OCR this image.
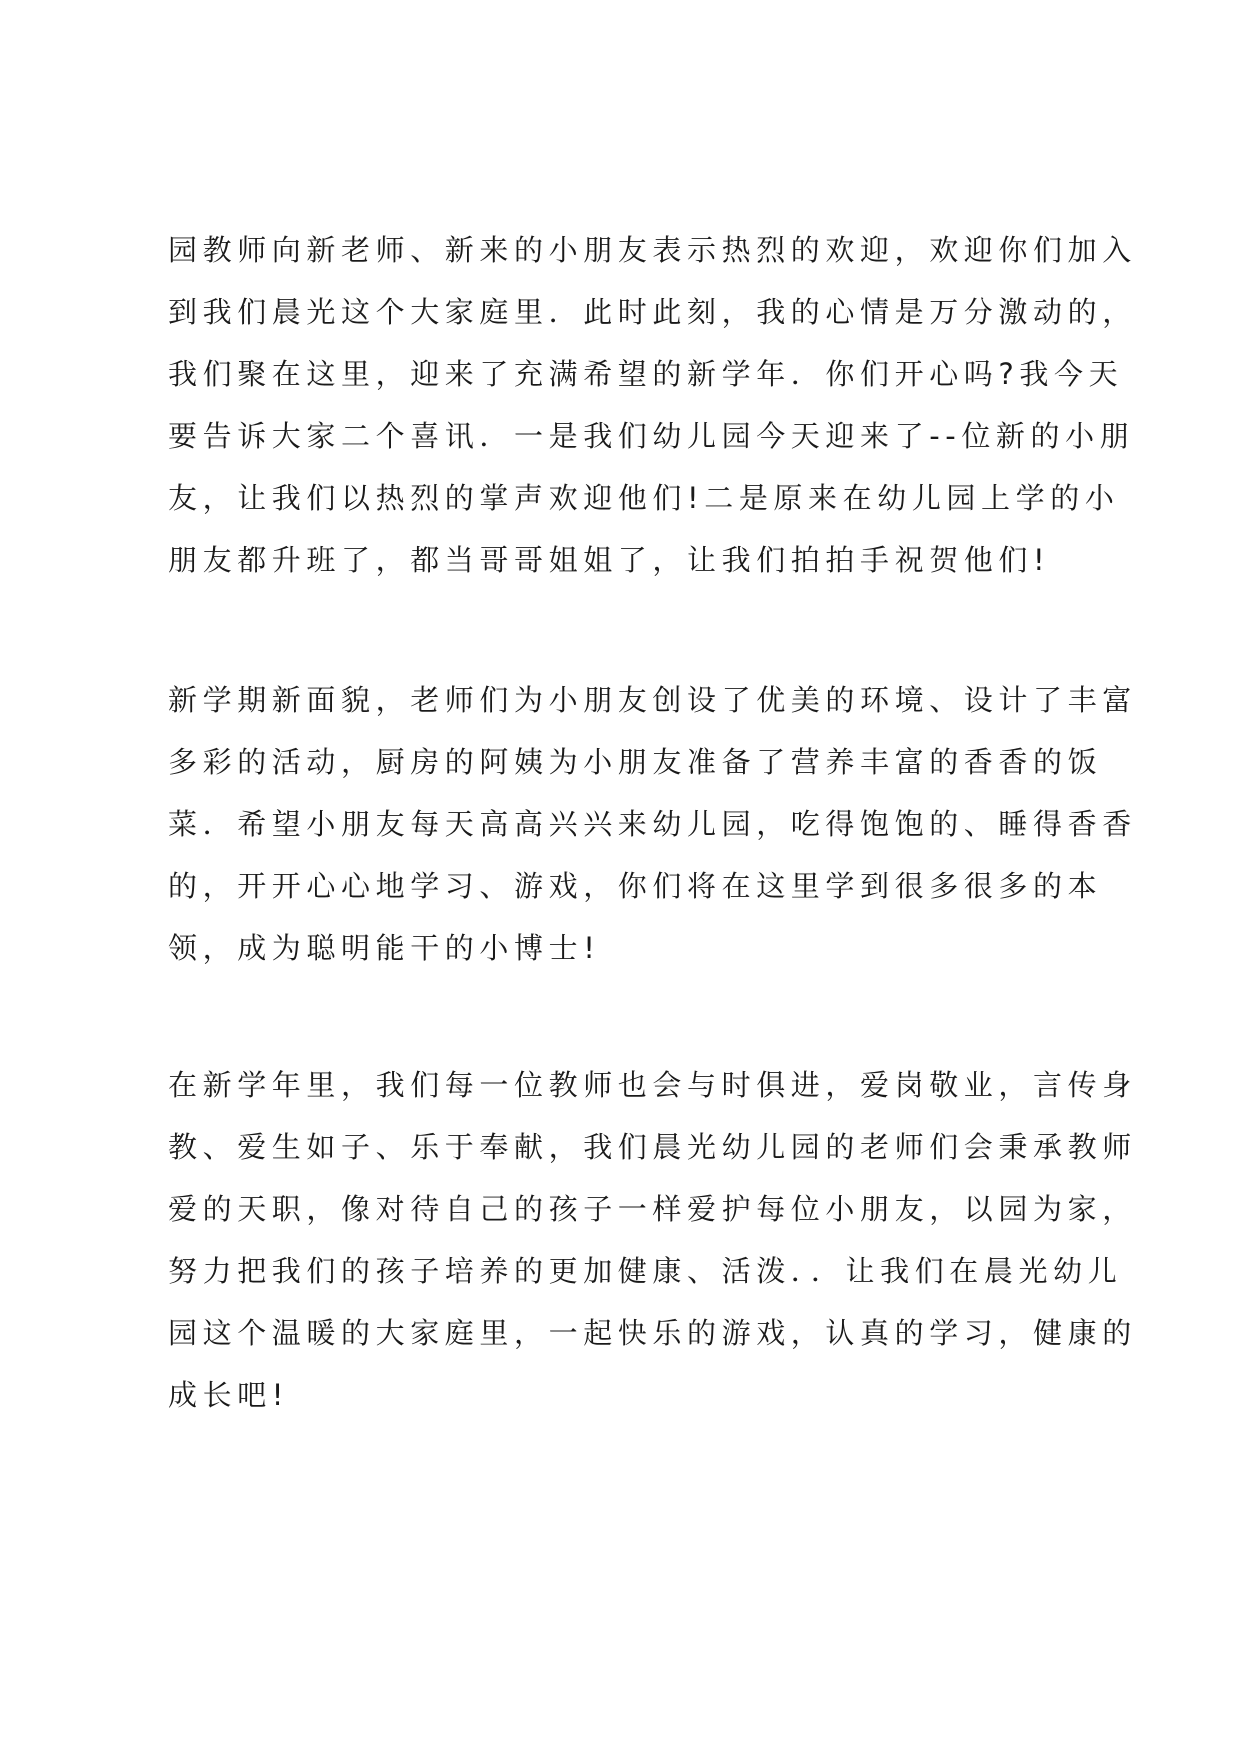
园教师向新老师、新来的小朋友表示热烈的欢迎，欢迎你们加入
到我们晨光这个大家庭里．此时此刻，我的心情是万分激动的，
我们聚在这里，迎来了充满希望的新学年．你们开心吗?我今天
要告诉大家二个喜讯．一是我们幼儿园今天迎来了--位新的小朋
友，让我们以热烈的掌声欢迎他们!二是原来在幼儿园上学的小
朋友都升班了，都当哥哥姐姐了，让我们拍拍手祝贺他们!
新学期新面貌，老师们为小朋友创设了优美的环境、设计了丰富
多彩的活动，厨房的阿姨为小朋友准备了营养丰富的香香的饭
菜．希望小朋友每天高高兴兴来幼儿园，吃得饱饱的、睡得香香
的，开开心心地学习、游戏，你们将在这里学到很多很多的本
领，成为聪明能干的小博士!
在新学年里，我们每一位教师也会与时俱进，爱岗敬业，言传身
教、爱生如子、乐于奉献，我们晨光幼儿园的老师们会秉承教师
爱的天职，像对待自己的孩子一样爱护每位小朋友，以园为家，
努力把我们的孩子培养的更加健康、活泼．．让我们在晨光幼儿
园这个温暖的大家庭里，一起快乐的游戏，认真的学习，健康的
成长吧!
